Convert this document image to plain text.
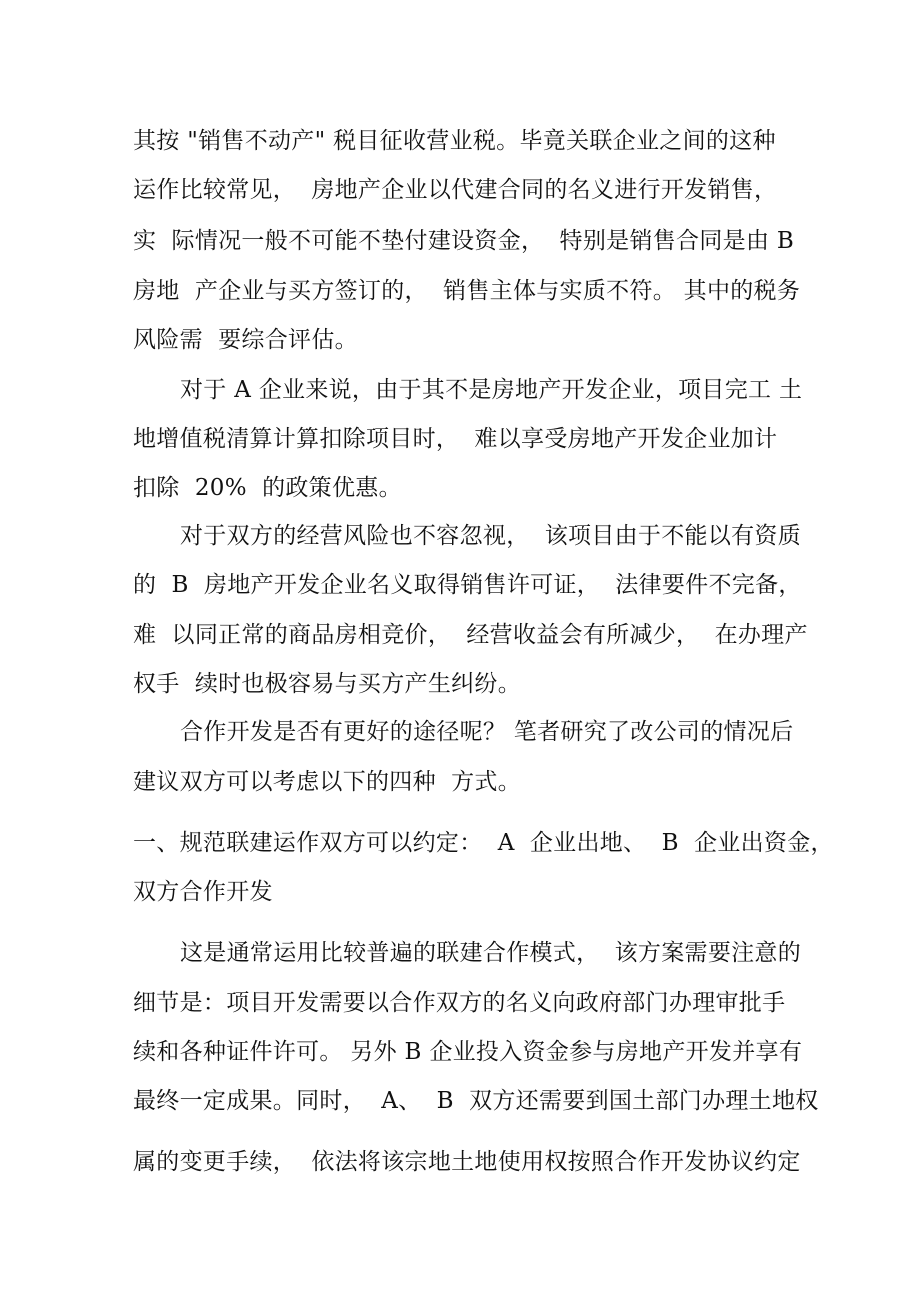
其按 "销售不动产" 税目征收营业税。毕竟关联企业之间的这种
运作比较常见，  房地产企业以代建合同的名义进行开发销售，
实  际情况一般不可能不垫付建设资金，  特别是销售合同是由 B
房地  产企业与买方签订的，  销售主体与实质不符。 其中的税务
风险需  要综合评估。
对于 A 企业来说，由于其不是房地产开发企业，项目完工 土
地增值税清算计算扣除项目时，  难以享受房地产开发企业加计
扣除  20%  的政策优惠。
对于双方的经营风险也不容忽视，  该项目由于不能以有资质
的  B  房地产开发企业名义取得销售许可证，  法律要件不完备，
难  以同正常的商品房相竞价，  经营收益会有所减少，  在办理产
权手  续时也极容易与买方产生纠纷。
合作开发是否有更好的途径呢？ 笔者研究了改公司的情况后
建议双方可以考虑以下的四种  方式。
一、规范联建运作双方可以约定：  A  企业出地、  B  企业出资金，
双方合作开发
这是通常运用比较普遍的联建合作模式，  该方案需要注意的
细节是：项目开发需要以合作双方的名义向政府部门办理审批手
续和各种证件许可。 另外 B 企业投入资金参与房地产开发并享有
最终一定成果。同时，  A、  B  双方还需要到国土部门办理土地权
属的变更手续，  依法将该宗地土地使用权按照合作开发协议约定
